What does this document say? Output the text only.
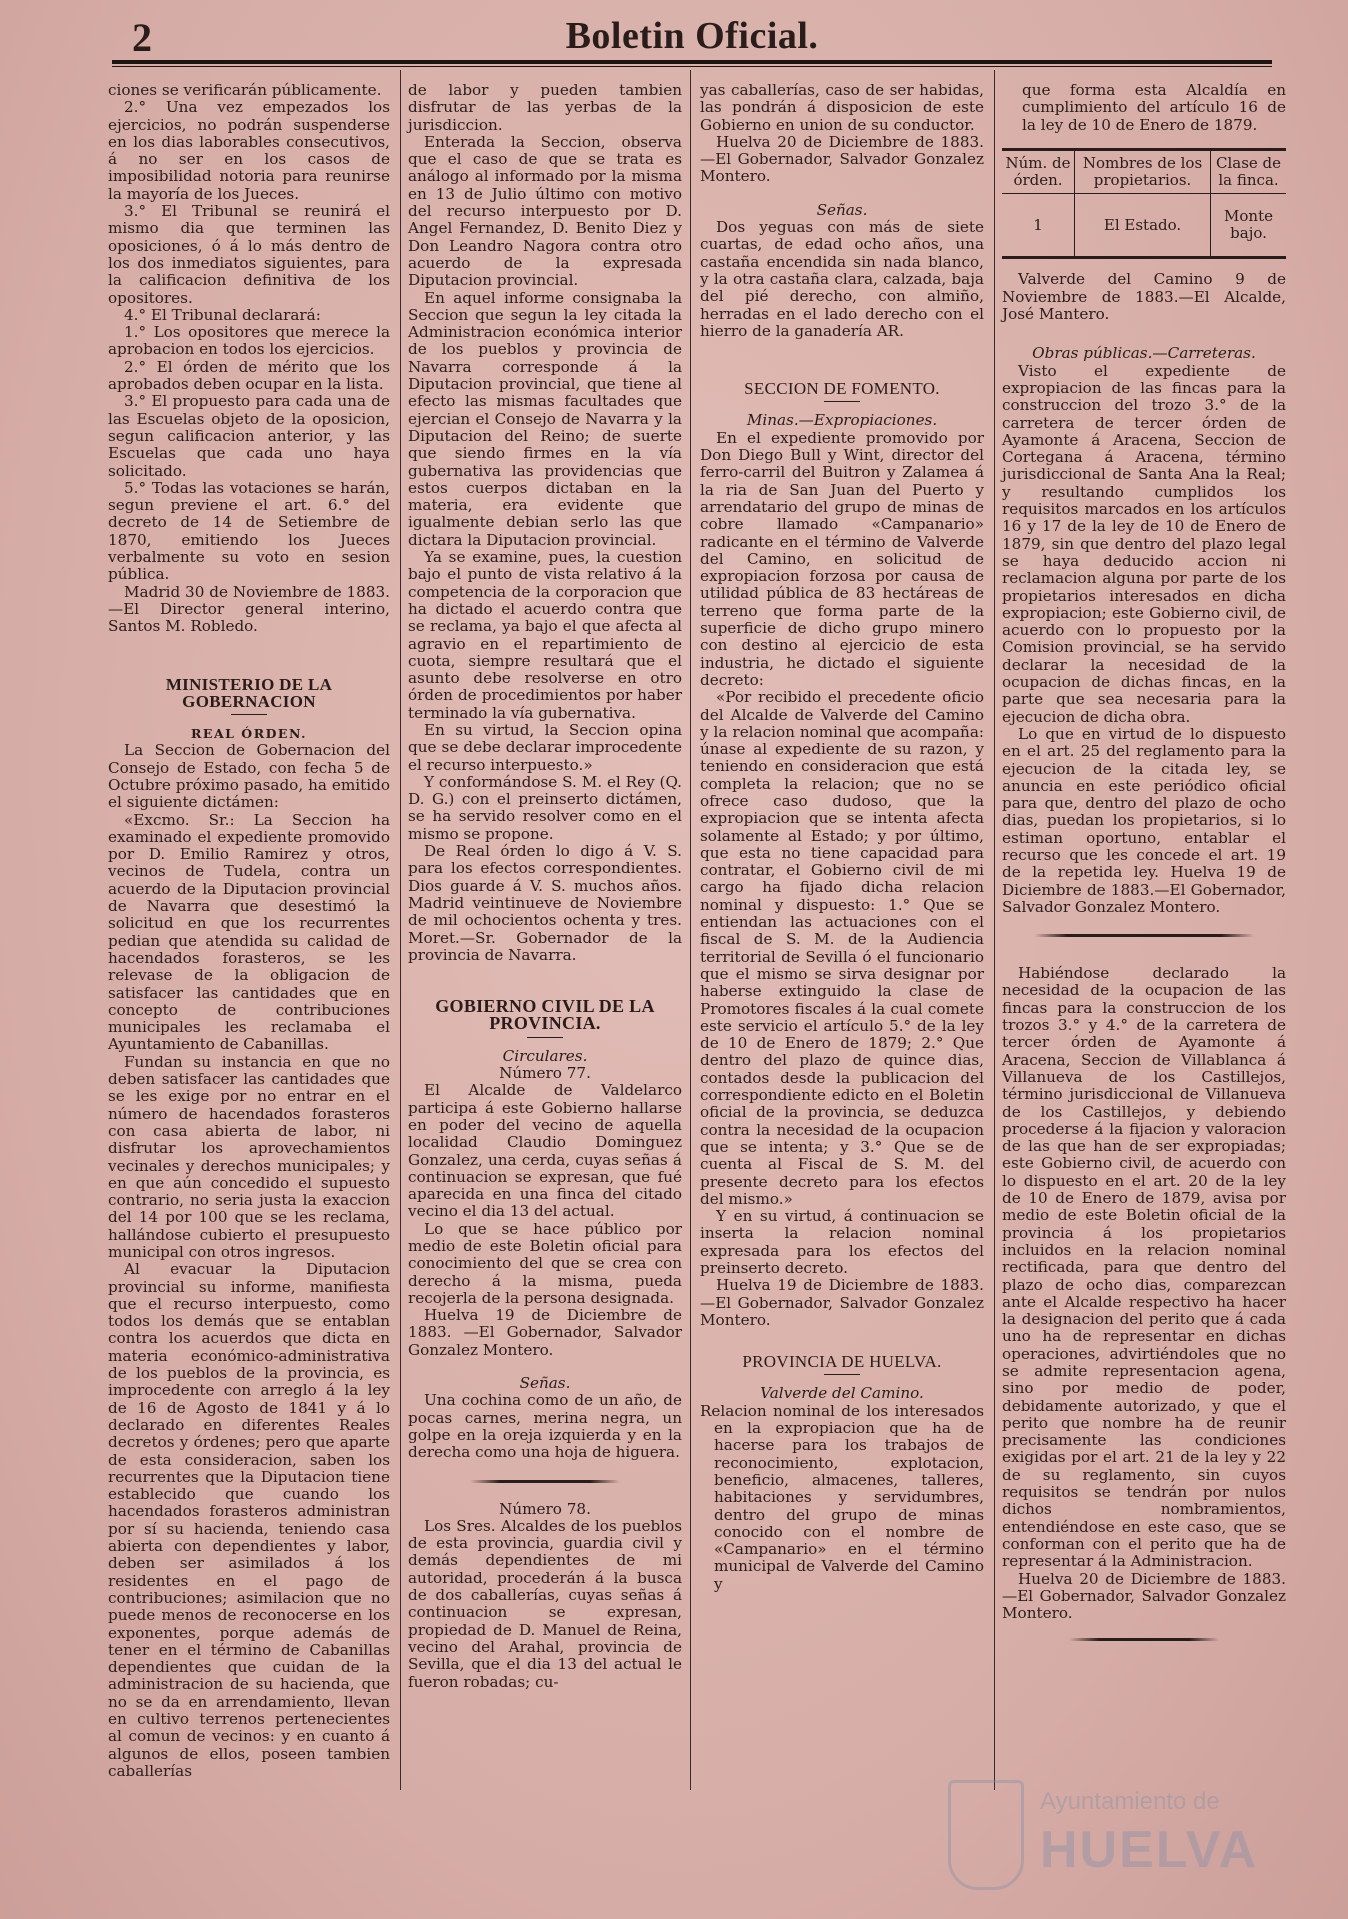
2	Boletin Oficial.

ciones se verificarán públicamente.

2.° Una vez empezados los ejercicios, no podrán suspenderse en los dias laborables consecutivos, á no ser en los casos de imposibilidad notoria para reunirse la mayoría de los Jueces.

3.° El Tribunal se reunirá el mismo dia que terminen las oposiciones, ó á lo más dentro de los dos inmediatos siguientes, para la calificacion definitiva de los opositores.

4.° El Tribunal declarará:

1.° Los opositores que merece la aprobacion en todos los ejercicios.

2.° El órden de mérito que los aprobados deben ocupar en la lista.

3.° El propuesto para cada una de las Escuelas objeto de la oposicion, segun calificacion anterior, y las Escuelas que cada uno haya solicitado.

5.° Todas las votaciones se harán, segun previene el art. 6.° del decreto de 14 de Setiembre de 1870, emitiendo los Jueces verbalmente su voto en sesion pública.

Madrid 30 de Noviembre de 1883. —El Director general interino, Santos M. Robledo.

MINISTERIO DE LA GOBERNACION

REAL ÓRDEN.

La Seccion de Gobernacion del Consejo de Estado, con fecha 5 de Octubre próximo pasado, ha emitido el siguiente dictámen:

«Excmo. Sr.: La Seccion ha examinado el expediente promovido por D. Emilio Ramirez y otros, vecinos de Tudela, contra un acuerdo de la Diputacion provincial de Navarra que desestimó la solicitud en que los recurrentes pedian que atendida su calidad de hacendados forasteros, se les relevase de la obligacion de satisfacer las cantidades que en concepto de contribuciones municipales les reclamaba el Ayuntamiento de Cabanillas.

Fundan su instancia en que no deben satisfacer las cantidades que se les exige por no entrar en el número de hacendados forasteros con casa abierta de labor, ni disfrutar los aprovechamientos vecinales y derechos municipales; y en que aún concedido el supuesto contrario, no seria justa la exaccion del 14 por 100 que se les reclama, hallándose cubierto el presupuesto municipal con otros ingresos.

Al evacuar la Diputacion provincial su informe, manifiesta que el recurso interpuesto, como todos los demás que se entablan contra los acuerdos que dicta en materia económico-administrativa de los pueblos de la provincia, es improcedente con arreglo á la ley de 16 de Agosto de 1841 y á lo declarado en diferentes Reales decretos y órdenes; pero que aparte de esta consideracion, saben los recurrentes que la Diputacion tiene establecido que cuando los hacendados forasteros administran por sí su hacienda, teniendo casa abierta con dependientes y labor, deben ser asimilados á los residentes en el pago de contribuciones; asimilacion que no puede menos de reconocerse en los exponentes, porque además de tener en el término de Cabanillas dependientes que cuidan de la administracion de su hacienda, que no se da en arrendamiento, llevan en cultivo terrenos pertenecientes al comun de vecinos: y en cuanto á algunos de ellos, poseen tambien caballerías

de labor y pueden tambien disfrutar de las yerbas de la jurisdiccion.

Enterada la Seccion, observa que el caso de que se trata es análogo al informado por la misma en 13 de Julio último con motivo del recurso interpuesto por D. Angel Fernandez, D. Benito Diez y Don Leandro Nagora contra otro acuerdo de la expresada Diputacion provincial.

En aquel informe consignaba la Seccion que segun la ley citada la Administracion económica interior de los pueblos y provincia de Navarra corresponde á la Diputacion provincial, que tiene al efecto las mismas facultades que ejercian el Consejo de Navarra y la Diputacion del Reino; de suerte que siendo firmes en la vía gubernativa las providencias que estos cuerpos dictaban en la materia, era evidente que igualmente debian serlo las que dictara la Diputacion provincial.

Ya se examine, pues, la cuestion bajo el punto de vista relativo á la competencia de la corporacion que ha dictado el acuerdo contra que se reclama, ya bajo el que afecta al agravio en el repartimiento de cuota, siempre resultará que el asunto debe resolverse en otro órden de procedimientos por haber terminado la vía gubernativa.

En su virtud, la Seccion opina que se debe declarar improcedente el recurso interpuesto.»

Y conformándose S. M. el Rey (Q. D. G.) con el preinserto dictámen, se ha servido resolver como en el mismo se propone.

De Real órden lo digo á V. S. para los efectos correspondientes. Dios guarde á V. S. muchos años. Madrid veintinueve de Noviembre de mil ochocientos ochenta y tres. Moret.—Sr. Gobernador de la provincia de Navarra.

GOBIERNO CIVIL DE LA PROVINCIA.

Circulares.

Número 77.

El Alcalde de Valdelarco participa á este Gobierno hallarse en poder del vecino de aquella localidad Claudio Dominguez Gonzalez, una cerda, cuyas señas á continuacion se expresan, que fué aparecida en una finca del citado vecino el dia 13 del actual.

Lo que se hace público por medio de este Boletin oficial para conocimiento del que se crea con derecho á la misma, pueda recojerla de la persona designada.

Huelva 19 de Diciembre de 1883. —El Gobernador, Salvador Gonzalez Montero.

Señas.

Una cochina como de un año, de pocas carnes, merina negra, un golpe en la oreja izquierda y en la derecha como una hoja de higuera.

Número 78.

Los Sres. Alcaldes de los pueblos de esta provincia, guardia civil y demás dependientes de mi autoridad, procederán á la busca de dos caballerías, cuyas señas á continuacion se expresan, propiedad de D. Manuel de Reina, vecino del Arahal, provincia de Sevilla, que el dia 13 del actual le fueron robadas; cu-

yas caballerías, caso de ser habidas, las pondrán á disposicion de este Gobierno en union de su conductor.

Huelva 20 de Diciembre de 1883. —El Gobernador, Salvador Gonzalez Montero.

Señas.

Dos yeguas con más de siete cuartas, de edad ocho años, una castaña encendida sin nada blanco, y la otra castaña clara, calzada, baja del pié derecho, con almiño, herradas en el lado derecho con el hierro de la ganadería AR.

SECCION DE FOMENTO.

Minas.—Expropiaciones.

En el expediente promovido por Don Diego Bull y Wint, director del ferro-carril del Buitron y Zalamea á la ria de San Juan del Puerto y arrendatario del grupo de minas de cobre llamado «Campanario» radicante en el término de Valverde del Camino, en solicitud de expropiacion forzosa por causa de utilidad pública de 83 hectáreas de terreno que forma parte de la superficie de dicho grupo minero con destino al ejercicio de esta industria, he dictado el siguiente decreto:

«Por recibido el precedente oficio del Alcalde de Valverde del Camino y la relacion nominal que acompaña: únase al expediente de su razon, y teniendo en consideracion que está completa la relacion; que no se ofrece caso dudoso, que la expropiacion que se intenta afecta solamente al Estado; y por último, que esta no tiene capacidad para contratar, el Gobierno civil de mi cargo ha fijado dicha relacion nominal y dispuesto: 1.° Que se entiendan las actuaciones con el fiscal de S. M. de la Audiencia territorial de Sevilla ó el funcionario que el mismo se sirva designar por haberse extinguido la clase de Promotores fiscales á la cual comete este servicio el artículo 5.° de la ley de 10 de Enero de 1879; 2.° Que dentro del plazo de quince dias, contados desde la publicacion del correspondiente edicto en el Boletin oficial de la provincia, se deduzca contra la necesidad de la ocupacion que se intenta; y 3.° Que se de cuenta al Fiscal de S. M. del presente decreto para los efectos del mismo.»

Y en su virtud, á continuacion se inserta la relacion nominal expresada para los efectos del preinserto decreto.

Huelva 19 de Diciembre de 1883. —El Gobernador, Salvador Gonzalez Montero.

PROVINCIA DE HUELVA.

Valverde del Camino.

Relacion nominal de los interesados en la expropiacion que ha de hacerse para los trabajos de reconocimiento, explotacion, beneficio, almacenes, talleres, habitaciones y servidumbres, dentro del grupo de minas conocido con el nombre de «Campanario» en el término municipal de Valverde del Camino y

que forma esta Alcaldía en cumplimiento del artículo 16 de la ley de 10 de Enero de 1879.

Núm. de órden.	Nombres de los propietarios.	Clase de la finca.
1	El Estado.	Monte bajo.

Valverde del Camino 9 de Noviembre de 1883.—El Alcalde, José Mantero.

Obras públicas.—Carreteras.

Visto el expediente de expropiacion de las fincas para la construccion del trozo 3.° de la carretera de tercer órden de Ayamonte á Aracena, Seccion de Cortegana á Aracena, término jurisdiccional de Santa Ana la Real; y resultando cumplidos los requisitos marcados en los artículos 16 y 17 de la ley de 10 de Enero de 1879, sin que dentro del plazo legal se haya deducido accion ni reclamacion alguna por parte de los propietarios interesados en dicha expropiacion; este Gobierno civil, de acuerdo con lo propuesto por la Comision provincial, se ha servido declarar la necesidad de la ocupacion de dichas fincas, en la parte que sea necesaria para la ejecucion de dicha obra.

Lo que en virtud de lo dispuesto en el art. 25 del reglamento para la ejecucion de la citada ley, se anuncia en este periódico oficial para que, dentro del plazo de ocho dias, puedan los propietarios, si lo estiman oportuno, entablar el recurso que les concede el art. 19 de la repetida ley. Huelva 19 de Diciembre de 1883.—El Gobernador, Salvador Gonzalez Montero.

Habiéndose declarado la necesidad de la ocupacion de las fincas para la construccion de los trozos 3.° y 4.° de la carretera de tercer órden de Ayamonte á Aracena, Seccion de Villablanca á Villanueva de los Castillejos, término jurisdiccional de Villanueva de los Castillejos, y debiendo procederse á la fijacion y valoracion de las que han de ser expropiadas; este Gobierno civil, de acuerdo con lo dispuesto en el art. 20 de la ley de 10 de Enero de 1879, avisa por medio de este Boletin oficial de la provincia á los propietarios incluidos en la relacion nominal rectificada, para que dentro del plazo de ocho dias, comparezcan ante el Alcalde respectivo ha hacer la designacion del perito que á cada uno ha de representar en dichas operaciones, advirtiéndoles que no se admite representacion agena, sino por medio de poder, debidamente autorizado, y que el perito que nombre ha de reunir precisamente las condiciones exigidas por el art. 21 de la ley y 22 de su reglamento, sin cuyos requisitos se tendrán por nulos dichos nombramientos, entendiéndose en este caso, que se conforman con el perito que ha de representar á la Administracion.

Huelva 20 de Diciembre de 1883. —El Gobernador, Salvador Gonzalez Montero.

Ayuntamiento de
HUELVA
